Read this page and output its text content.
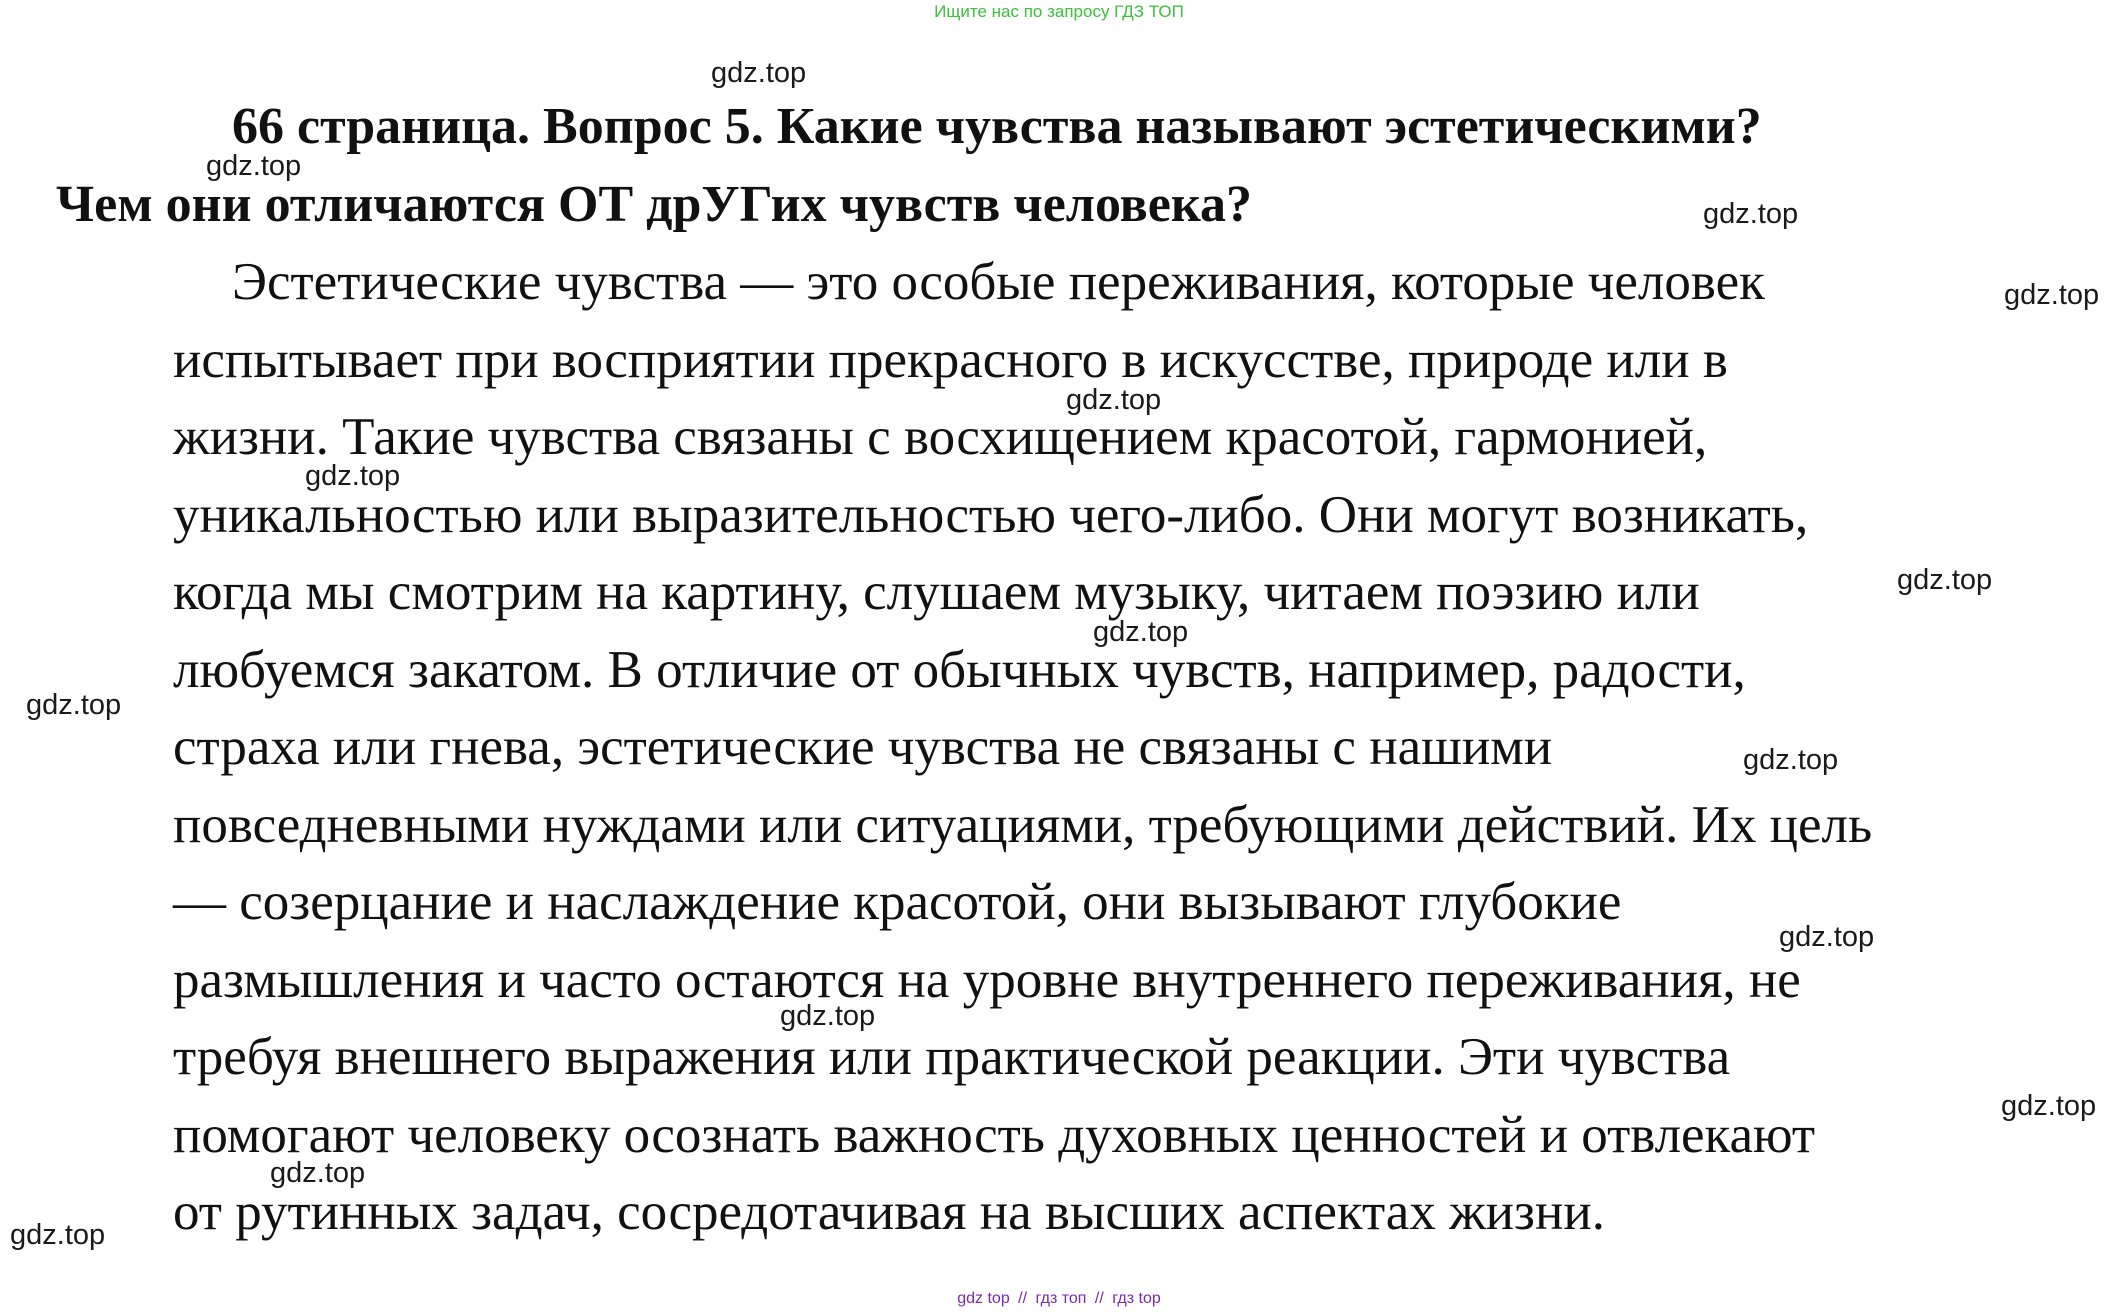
Ищите нас по запросу ГДЗ ТОП
66 страница. Вопрос 5. Какие чувства называют эстетическими?
Чем они отличаются ОТ дрУГих чувств человека?
Эстетические чувства — это особые переживания, которые человек
испытывает при восприятии прекрасного в искусстве, природе или в
жизни. Такие чувства связаны с восхищением красотой, гармонией,
уникальностью или выразительностью чего-либо. Они могут возникать,
когда мы смотрим на картину, слушаем музыку, читаем поэзию или
любуемся закатом. В отличие от обычных чувств, например, радости,
страха или гнева, эстетические чувства не связаны с нашими
повседневными нуждами или ситуациями, требующими действий. Их цель
— созерцание и наслаждение красотой, они вызывают глубокие
размышления и часто остаются на уровне внутреннего переживания, не
требуя внешнего выражения или практической реакции. Эти чувства
помогают человеку осознать важность духовных ценностей и отвлекают
от рутинных задач, сосредотачивая на высших аспектах жизни.
gdz.top
gdz.top
gdz.top
gdz.top
gdz.top
gdz.top
gdz.top
gdz.top
gdz.top
gdz.top
gdz.top
gdz.top
gdz.top
gdz.top
gdz.top
gdz top // гдз топ // гдз top
